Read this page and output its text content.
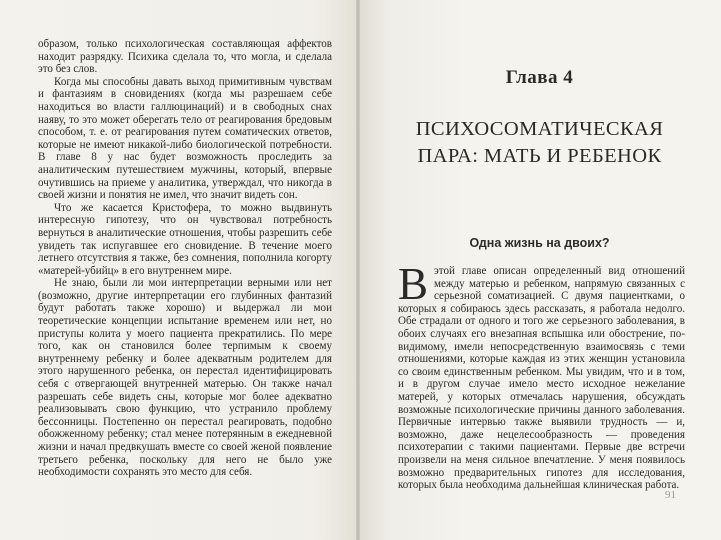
образом, только психологическая составляющая аффектов находит разрядку. Психика сделала то, что могла, и сделала это без слов.

Когда мы способны давать выход примитивным чувствам и фантазиям в сновидениях (когда мы разрешаем себе находиться во власти галлюцинаций) и в свободных снах наяву, то это может оберегать тело от реагирования бредовым способом, т. е. от реагирования путем соматических ответов, которые не имеют никакой-либо биологической потребности. В главе 8 у нас будет возможность проследить за аналитическим путешествием мужчины, который, впервые очутившись на приеме у аналитика, утверждал, что никогда в своей жизни и понятия не имел, что значит видеть сон.

Что же касается Кристофера, то можно выдвинуть интересную гипотезу, что он чувствовал потребность вернуться в аналитические отношения, чтобы разрешить себе увидеть так испугавшее его сновидение. В течение моего летнего отсутствия я также, без сомнения, пополнила когорту «матерей-убийц» в его внутреннем мире.

Не знаю, были ли мои интерпретации верными или нет (возможно, другие интерпретации его глубинных фантазий будут работать также хорошо) и выдержал ли мои теоретические концепции испытание временем или нет, но приступы колита у моего пациента прекратились. По мере того, как он становился более терпимым к своему внутреннему ребенку и более адекватным родителем для этого нарушенного ребенка, он перестал идентифицировать себя с отвергающей внутренней матерью. Он также начал разрешать себе видеть сны, которые мог более адекватно реализовывать свою функцию, что устранило проблему бессонницы. Постепенно он перестал реагировать, подобно обожженному ребенку; стал менее потерянным в ежедневной жизни и начал предвкушать вместе со своей женой появление третьего ребенка, поскольку для него не было уже необходимости сохранять это место для себя.

Глава 4
ПСИХОСОМАТИЧЕСКАЯ
ПАРА: МАТЬ И РЕБЕНОК
Одна жизнь на двоих?

Вэтой главе описан определенный вид отношений между матерью и ребенком, напрямую связанных с серьезной соматизацией. С двумя пациентками, о которых я собираюсь здесь рассказать, я работала недолго. Обе страдали от одного и того же серьезного заболевания, в обоих случаях его внезапная вспышка или обострение, по-видимому, имели непосредственную взаимосвязь с теми отношениями, которые каждая из этих женщин установила со своим единственным ребенком. Мы увидим, что и в том, и в другом случае имело место исходное нежелание матерей, у которых отмечалась нарушения, обсуждать возможные психологические причины данного заболевания. Первичные интервью также выявили трудность — и, возможно, даже нецелесообразность — проведения психотерапии с такими пациентами. Первые две встречи произвели на меня сильное впечатление. У меня появилось возможно предварительных гипотез для исследования, которых была необходима дальнейшая клиническая работа.

91
